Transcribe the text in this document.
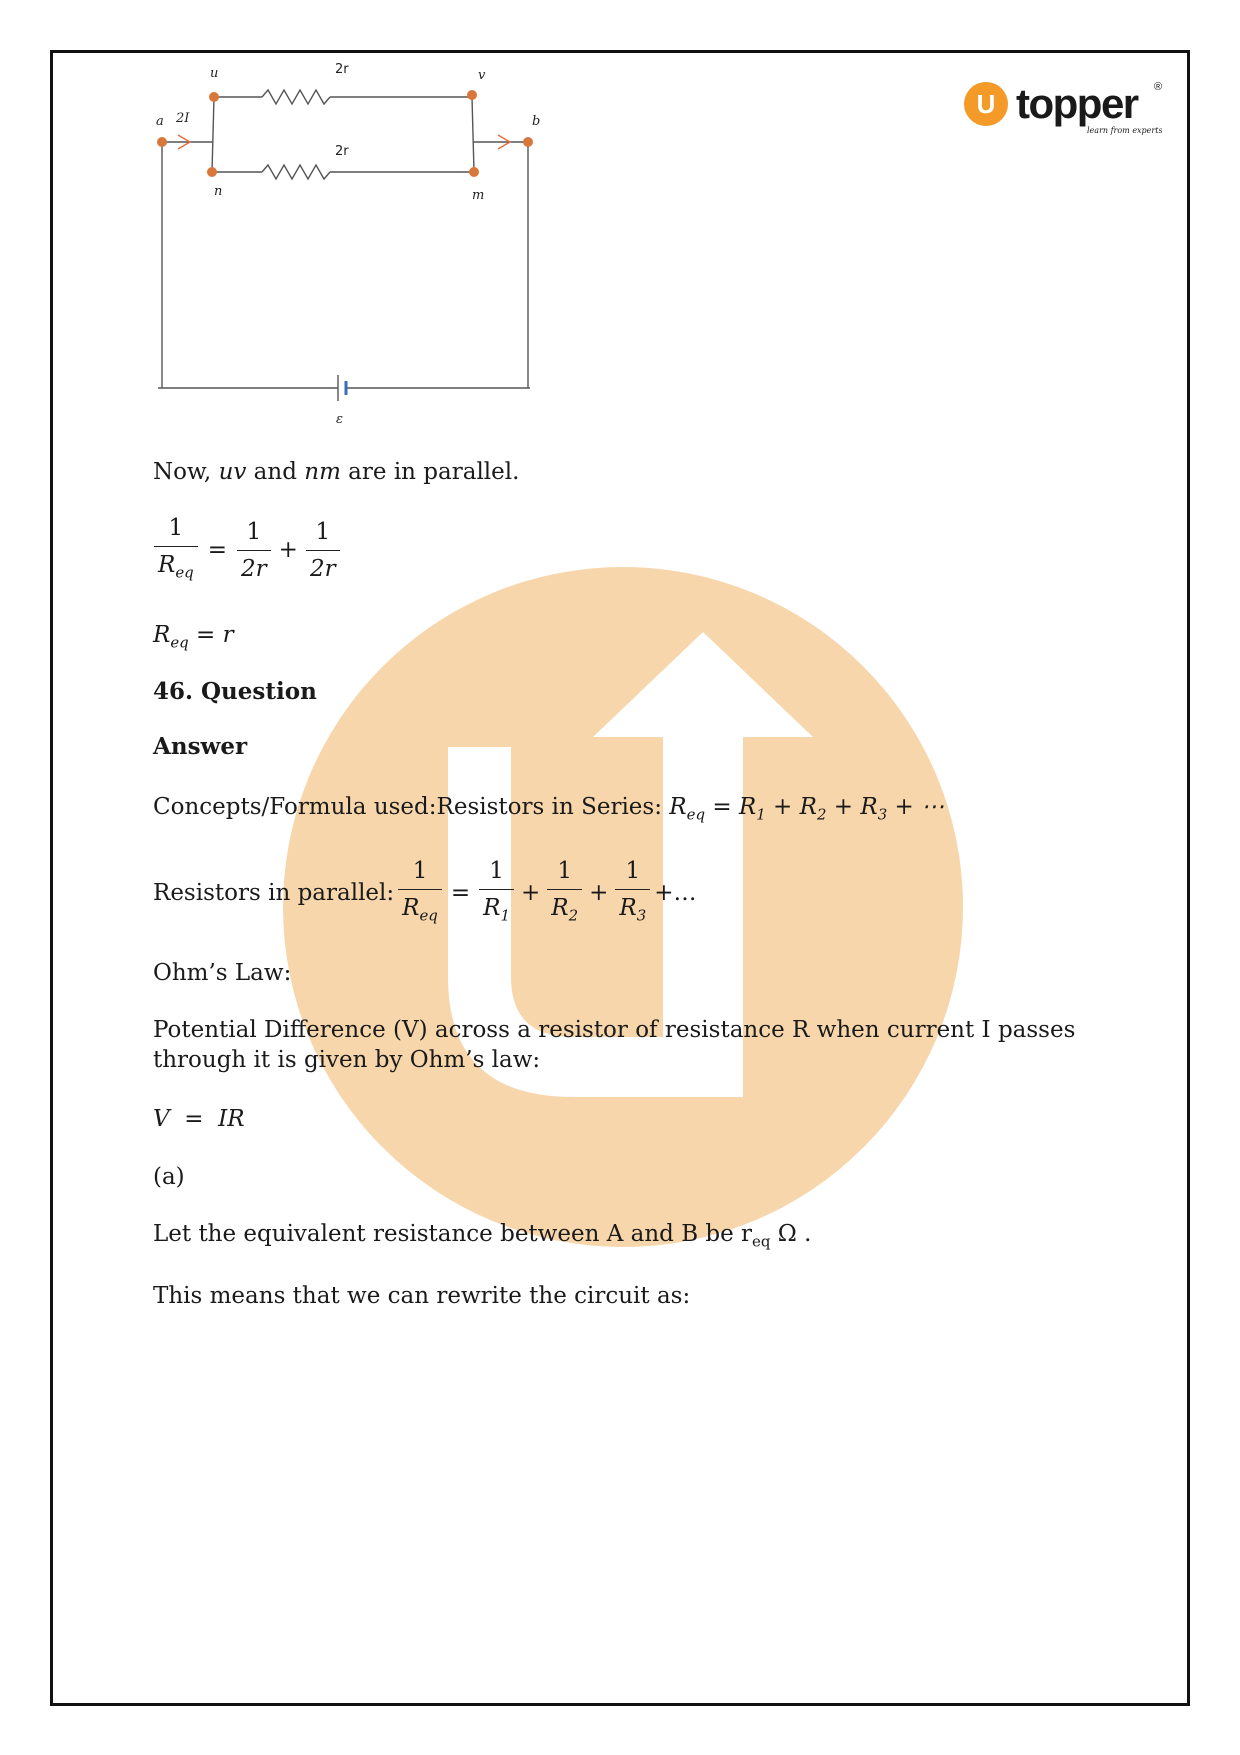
U topper ®
learn from experts
u	v
n	m
a	b
2I
ε
2r
2r
Now, uv and nm are in parallel.
$\frac{1}{R_{eq}} = \frac{1}{2r} + \frac{1}{2r}$
$R_{eq} = r$
46. Question
Answer
Concepts/Formula used:Resistors in Series: $R_{eq} = R_1 + R_2 + R_3$ + ⋯
Resistors in parallel: $\frac{1}{R_{eq}} = \frac{1}{R_1} + \frac{1}{R_2} + \frac{1}{R_3}$ +…
Ohm’s Law:
Potential Difference (V) across a resistor of resistance R when current I passes
through it is given by Ohm’s law:
V  =  IR
(a)
Let the equivalent resistance between A and B be $r_{eq}$ Ω .
This means that we can rewrite the circuit as:
